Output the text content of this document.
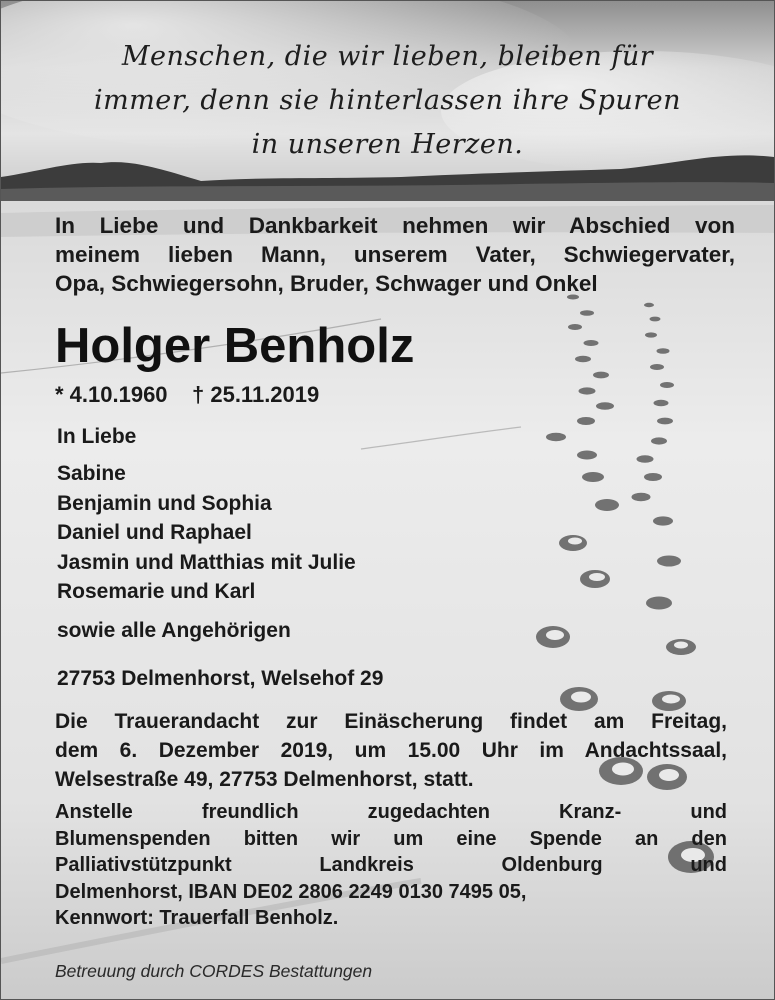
Menschen, die wir lieben, bleiben für
immer, denn sie hinterlassen ihre Spuren
in unseren Herzen.
In Liebe und Dankbarkeit nehmen wir Abschied von
meinem lieben Mann, unserem Vater, Schwiegervater,
Opa, Schwiegersohn, Bruder, Schwager und Onkel
Holger Benholz
* 4.10.1960 † 25.11.2019
In Liebe
Sabine
Benjamin und Sophia
Daniel und Raphael
Jasmin und Matthias mit Julie
Rosemarie und Karl
sowie alle Angehörigen
27753 Delmenhorst, Welsehof 29
Die Trauerandacht zur Einäscherung findet am Freitag,
dem 6. Dezember 2019, um 15.00 Uhr im Andachtssaal,
Welsestraße 49, 27753 Delmenhorst, statt.
Anstelle freundlich zugedachten Kranz- und
Blumenspenden bitten wir um eine Spende an den
Palliativstützpunkt Landkreis Oldenburg und
Delmenhorst, IBAN DE02 2806 2249 0130 7495 05,
Kennwort: Trauerfall Benholz.
Betreuung durch CORDES Bestattungen
